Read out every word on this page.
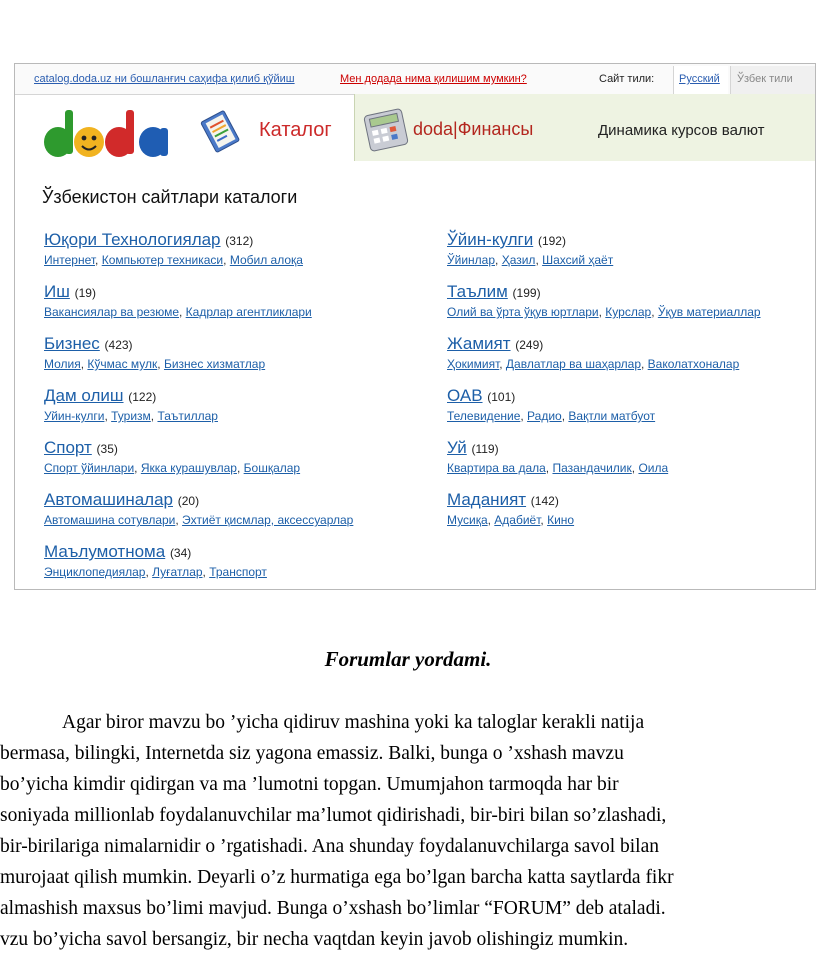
catalog.doda.uz ни бошланғич саҳифа қилиб қўйиш	Мен додада нима қилишим мумкин?	Сайт тили: Русский Ўзбек тили
Каталог	doda|Финансы	Динамика курсов валют
Ўзбекистон сайтлари каталоги
Юқори Технологиялар (312)
Интернет, Компьютер техникаси, Мобил алоқа
Иш (19)
Вакансиялар ва резюме, Кадрлар агентликлари
Бизнес (423)
Молия, Кўчмас мулк, Бизнес хизматлар
Дам олиш (122)
Уйин-кулги, Туризм, Таътиллар
Спорт (35)
Спорт ўйинлари, Якка курашувлар, Бошқалар
Автомашиналар (20)
Автомашина сотувлари, Эхтиёт қисмлар, аксессуарлар
Маълумотнома (34)
Энциклопедиялар, Луғатлар, Транспорт
Ўйин-кулги (192)
Ўйинлар, Ҳазил, Шахсий ҳаёт
Таълим (199)
Олий ва ўрта ўқув юртлари, Курслар, Ўқув материаллар
Жамият (249)
Ҳокимият, Давлатлар ва шаҳарлар, Ваколатхоналар
ОАВ (101)
Телевидение, Радио, Вақтли матбуот
Уй (119)
Квартира ва дала, Пазандачилик, Оила
Маданият (142)
Мусиқа, Адабиёт, Кино
Forumlar yordami.
Agar biror mavzu bo ’yicha qidiruv mashina yoki ka taloglar kerakli natija
bermasa, bilingki, Internetda siz yagona emassiz. Balki, bunga o ’xshash mavzu
bo’yicha kimdir qidirgan va ma ’lumotni topgan. Umumjahon tarmoqda har bir
soniyada millionlab foydalanuvchilar ma’lumot qidirishadi, bir-biri bilan so’zlashadi,
bir-birilariga nimalarnidir o ’rgatishadi. Ana shunday foydalanuvchilarga savol bilan
murojaat qilish mumkin. Deyarli o’z hurmatiga ega bo’lgan barcha katta saytlarda fikr
almashish maxsus bo’limi mavjud. Bunga o’xshash bo’limlar “FORUM” deb ataladi.
vzu bo’yicha savol bersangiz, bir necha vaqtdan keyin javob olishingiz mumkin.
